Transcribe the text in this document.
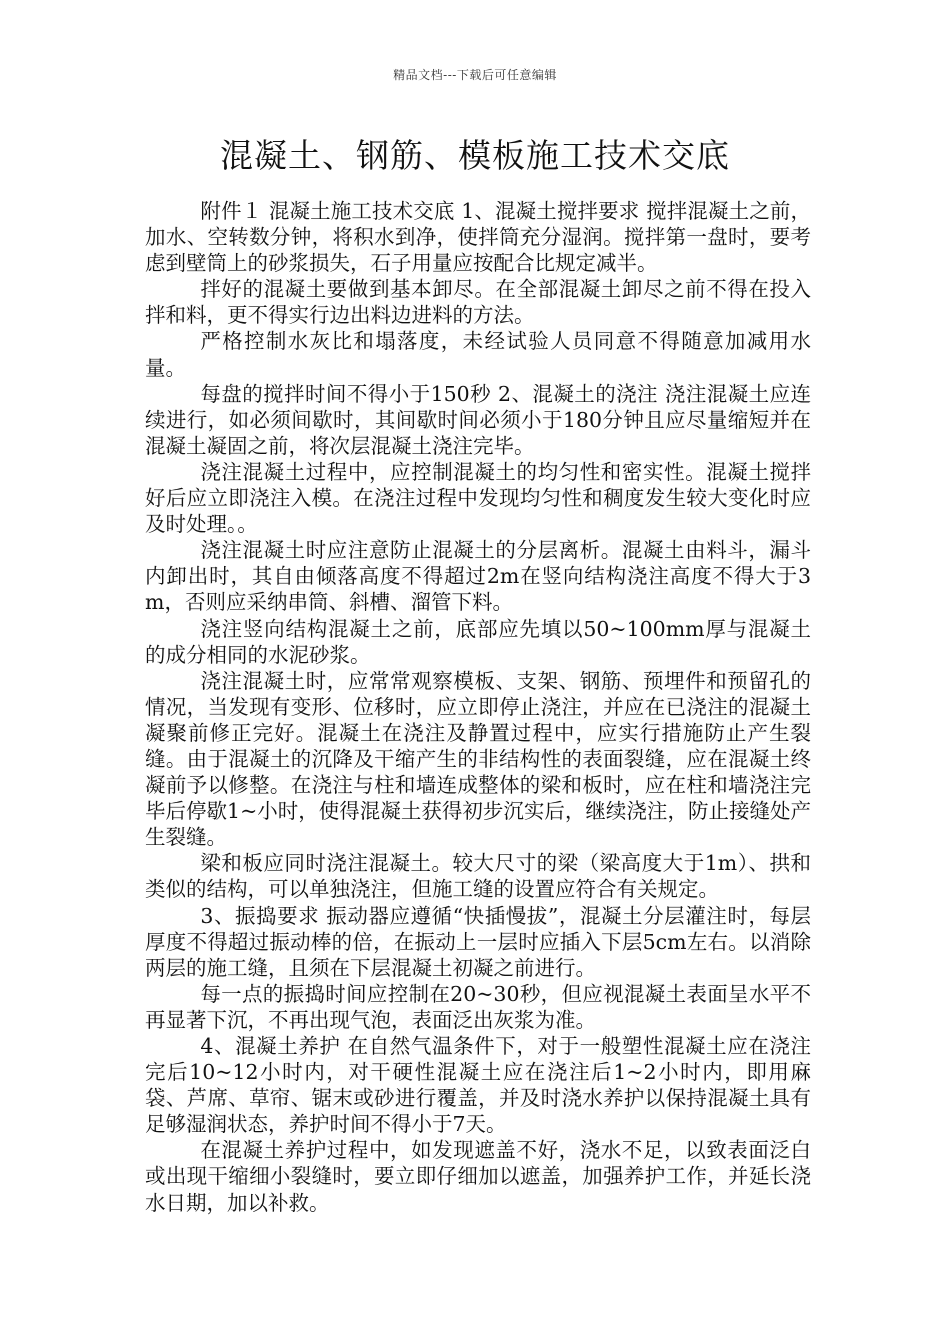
精品文档---下载后可任意编辑
混凝土、钢筋、模板施工技术交底

附件１ 混凝土施工技术交底 1、混凝土搅拌要求 搅拌混凝土之前，加水、空转数分钟，将积水到净，使拌筒充分湿润。搅拌第一盘时，要考虑到壁筒上的砂浆损失，石子用量应按配合比规定减半。

拌好的混凝土要做到基本卸尽。在全部混凝土卸尽之前不得在投入拌和料，更不得实行边出料边进料的方法。

严格控制水灰比和塌落度，未经试验人员同意不得随意加减用水量。

每盘的搅拌时间不得小于150秒 2、混凝土的浇注 浇注混凝土应连续进行，如必须间歇时，其间歇时间必须小于180分钟且应尽量缩短并在混凝土凝固之前，将次层混凝土浇注完毕。

浇注混凝土过程中，应控制混凝土的均匀性和密实性。混凝土搅拌好后应立即浇注入模。在浇注过程中发现均匀性和稠度发生较大变化时应及时处理。。

浇注混凝土时应注意防止混凝土的分层离析。混凝土由料斗，漏斗内卸出时，其自由倾落高度不得超过2m在竖向结构浇注高度不得大于3m，否则应采纳串筒、斜槽、溜管下料。

浇注竖向结构混凝土之前，底部应先填以50~100mm厚与混凝土的成分相同的水泥砂浆。

浇注混凝土时，应常常观察模板、支架、钢筋、预埋件和预留孔的情况，当发现有变形、位移时，应立即停止浇注，并应在已浇注的混凝土凝聚前修正完好。混凝土在浇注及静置过程中，应实行措施防止产生裂缝。由于混凝土的沉降及干缩产生的非结构性的表面裂缝，应在混凝土终凝前予以修整。在浇注与柱和墙连成整体的梁和板时，应在柱和墙浇注完毕后停歇1~小时，使得混凝土获得初步沉实后，继续浇注，防止接缝处产生裂缝。

梁和板应同时浇注混凝土。较大尺寸的梁（梁高度大于1m）、拱和类似的结构，可以单独浇注，但施工缝的设置应符合有关规定。

3、振捣要求 振动器应遵循“快插慢拔”，混凝土分层灌注时，每层厚度不得超过振动棒的倍，在振动上一层时应插入下层5cm左右。以消除两层的施工缝，且须在下层混凝土初凝之前进行。

每一点的振捣时间应控制在20~30秒，但应视混凝土表面呈水平不再显著下沉，不再出现气泡，表面泛出灰浆为准。

4、混凝土养护 在自然气温条件下，对于一般塑性混凝土应在浇注完后10~12小时内，对干硬性混凝土应在浇注后1~2小时内，即用麻袋、芦席、草帘、锯末或砂进行覆盖，并及时浇水养护以保持混凝土具有足够湿润状态，养护时间不得小于7天。

在混凝土养护过程中，如发现遮盖不好，浇水不足，以致表面泛白或出现干缩细小裂缝时，要立即仔细加以遮盖，加强养护工作，并延长浇水日期，加以补救。
